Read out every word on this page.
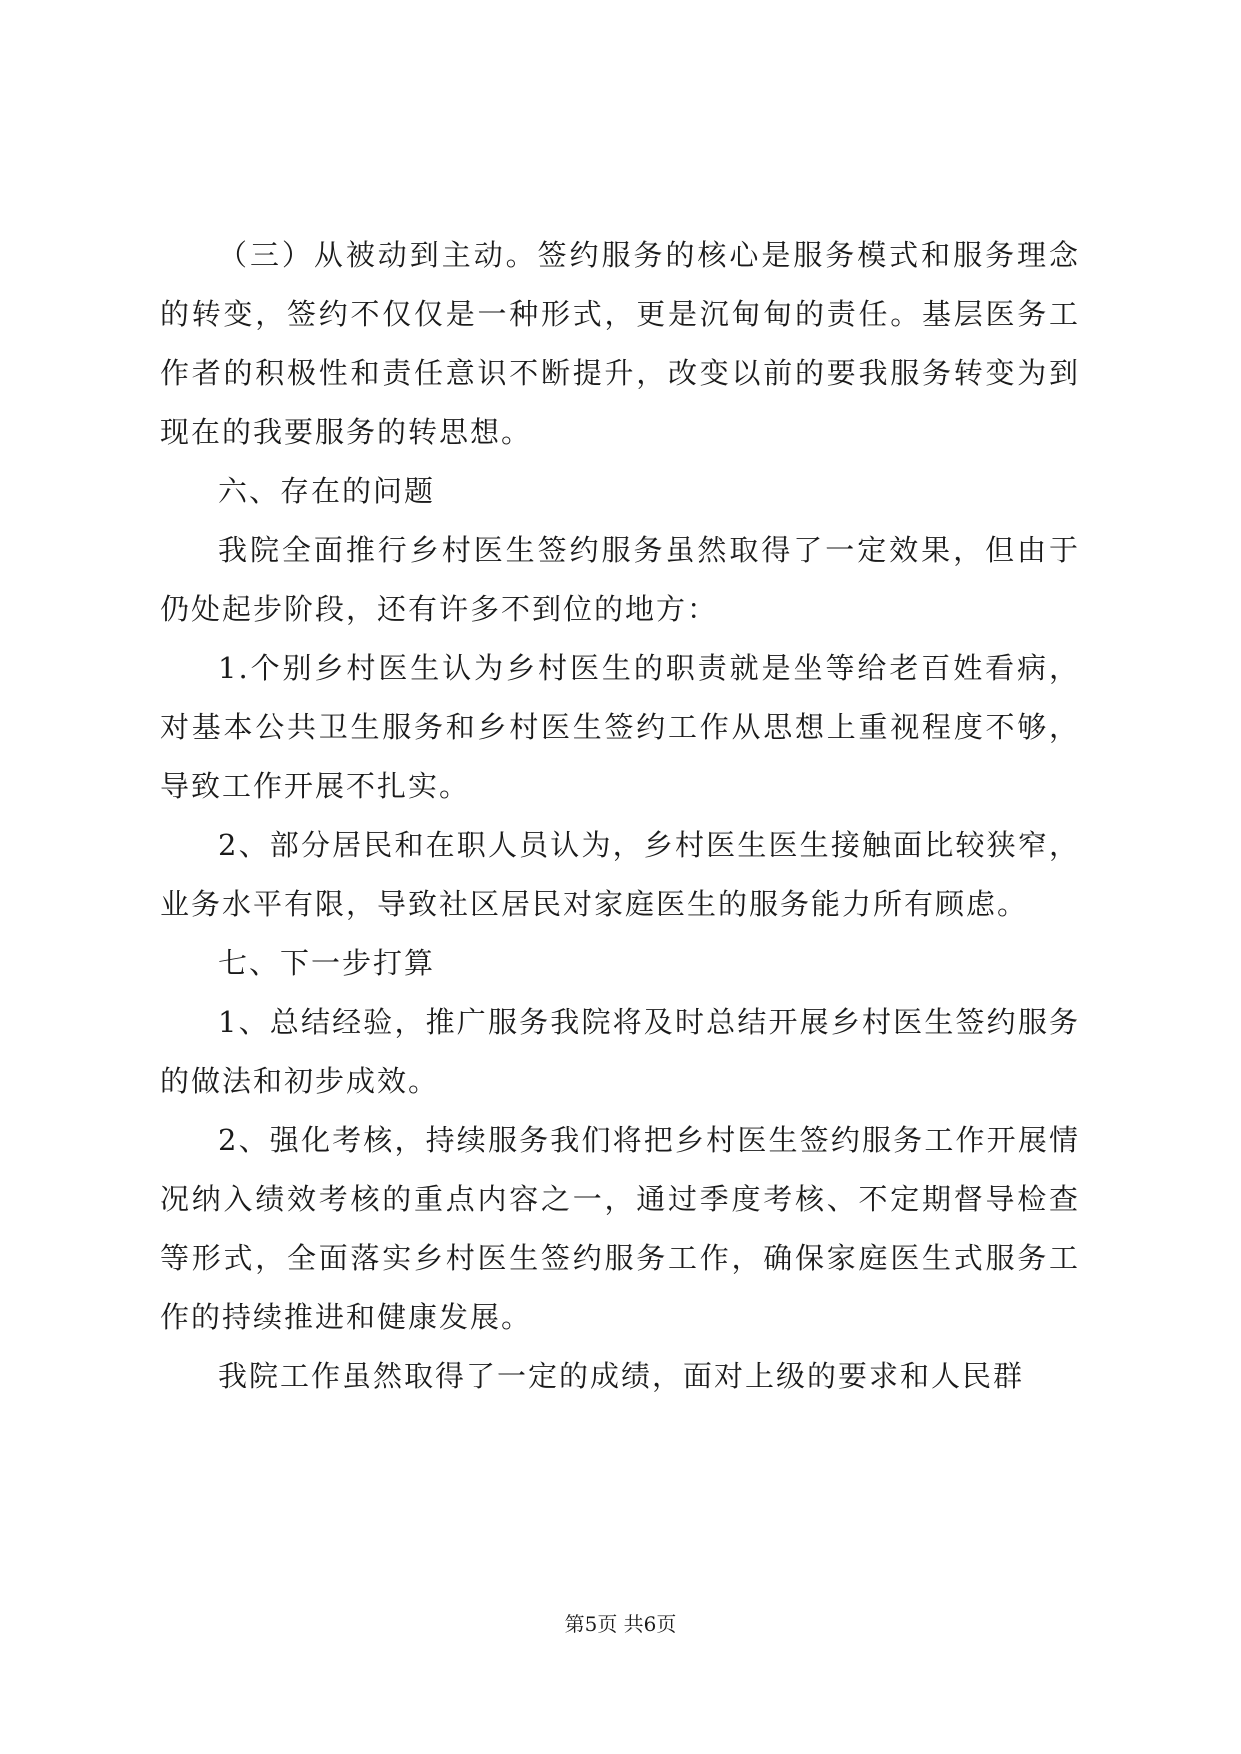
（三）从被动到主动。签约服务的核心是服务模式和服务理念的转变，签约不仅仅是一种形式，更是沉甸甸的责任。基层医务工作者的积极性和责任意识不断提升，改变以前的要我服务转变为到现在的我要服务的转思想。

六、存在的问题

我院全面推行乡村医生签约服务虽然取得了一定效果，但由于仍处起步阶段，还有许多不到位的地方：

1.个别乡村医生认为乡村医生的职责就是坐等给老百姓看病，对基本公共卫生服务和乡村医生签约工作从思想上重视程度不够，导致工作开展不扎实。

2、部分居民和在职人员认为，乡村医生医生接触面比较狭窄，业务水平有限，导致社区居民对家庭医生的服务能力所有顾虑。

七、下一步打算

1、总结经验，推广服务我院将及时总结开展乡村医生签约服务的做法和初步成效。

2、强化考核，持续服务我们将把乡村医生签约服务工作开展情况纳入绩效考核的重点内容之一，通过季度考核、不定期督导检查等形式，全面落实乡村医生签约服务工作，确保家庭医生式服务工作的持续推进和健康发展。

我院工作虽然取得了一定的成绩，面对上级的要求和人民群

第5页 共6页
